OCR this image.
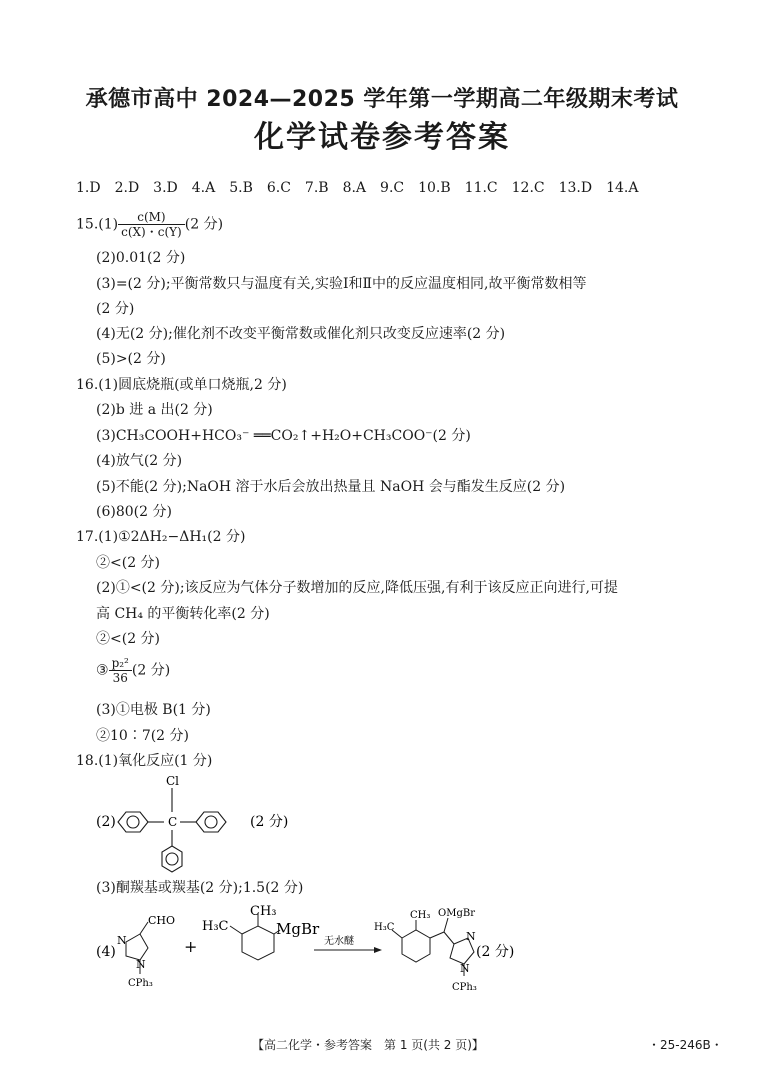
承德市高中 2024—2025 学年第一学期高二年级期末考试
化学试卷参考答案
1.D　2.D　3.D　4.A　5.B　6.C　7.B　8.A　9.C　10.B　11.C　12.C　13.D　14.A
$15.(1) \frac{c(M)}{c(X)・c(Y)} (2$ 分)
(2)0.01(2 分)
(3)=(2 分);平衡常数只与温度有关,实验Ⅰ和Ⅱ中的反应温度相同,故平衡常数相等
(2 分)
(4)无(2 分);催化剂不改变平衡常数或催化剂只改变反应速率(2 分)
(5)>(2 分)
16.(1)圆底烧瓶(或单口烧瓶,2 分)
(2)b 进 a 出(2 分)
(3)CH₃COOH+HCO₃⁻ ══CO₂↑+H₂O+CH₃COO⁻(2 分)
(4)放气(2 分)
(5)不能(2 分);NaOH 溶于水后会放出热量且 NaOH 会与酯发生反应(2 分)
(6)80(2 分)
17.(1)①2ΔH₂−ΔH₁(2 分)
②<(2 分)
(2)①<(2 分);该反应为气体分子数增加的反应,降低压强,有利于该反应正向进行,可提
高 CH₄ 的平衡转化率(2 分)
②<(2 分)
③ $\frac{\text{p₂²}}{36} (2$ 分)
(3)①电极 B(1 分)
②10∶7(2 分)
18.(1)氧化反应(1 分)
(2)	(2 分)
Cl
C
(3)酮羰基或羰基(2 分);1.5(2 分)
(4)
CHO
N
N
CPh₃
+
H₃C
CH₃
MgBr
无水醚
H₃C
CH₃ OMgBr
N
N
CPh₃
(2 分)
【高二化学・参考答案　第 1 页(共 2 页)】	・25-246B・
